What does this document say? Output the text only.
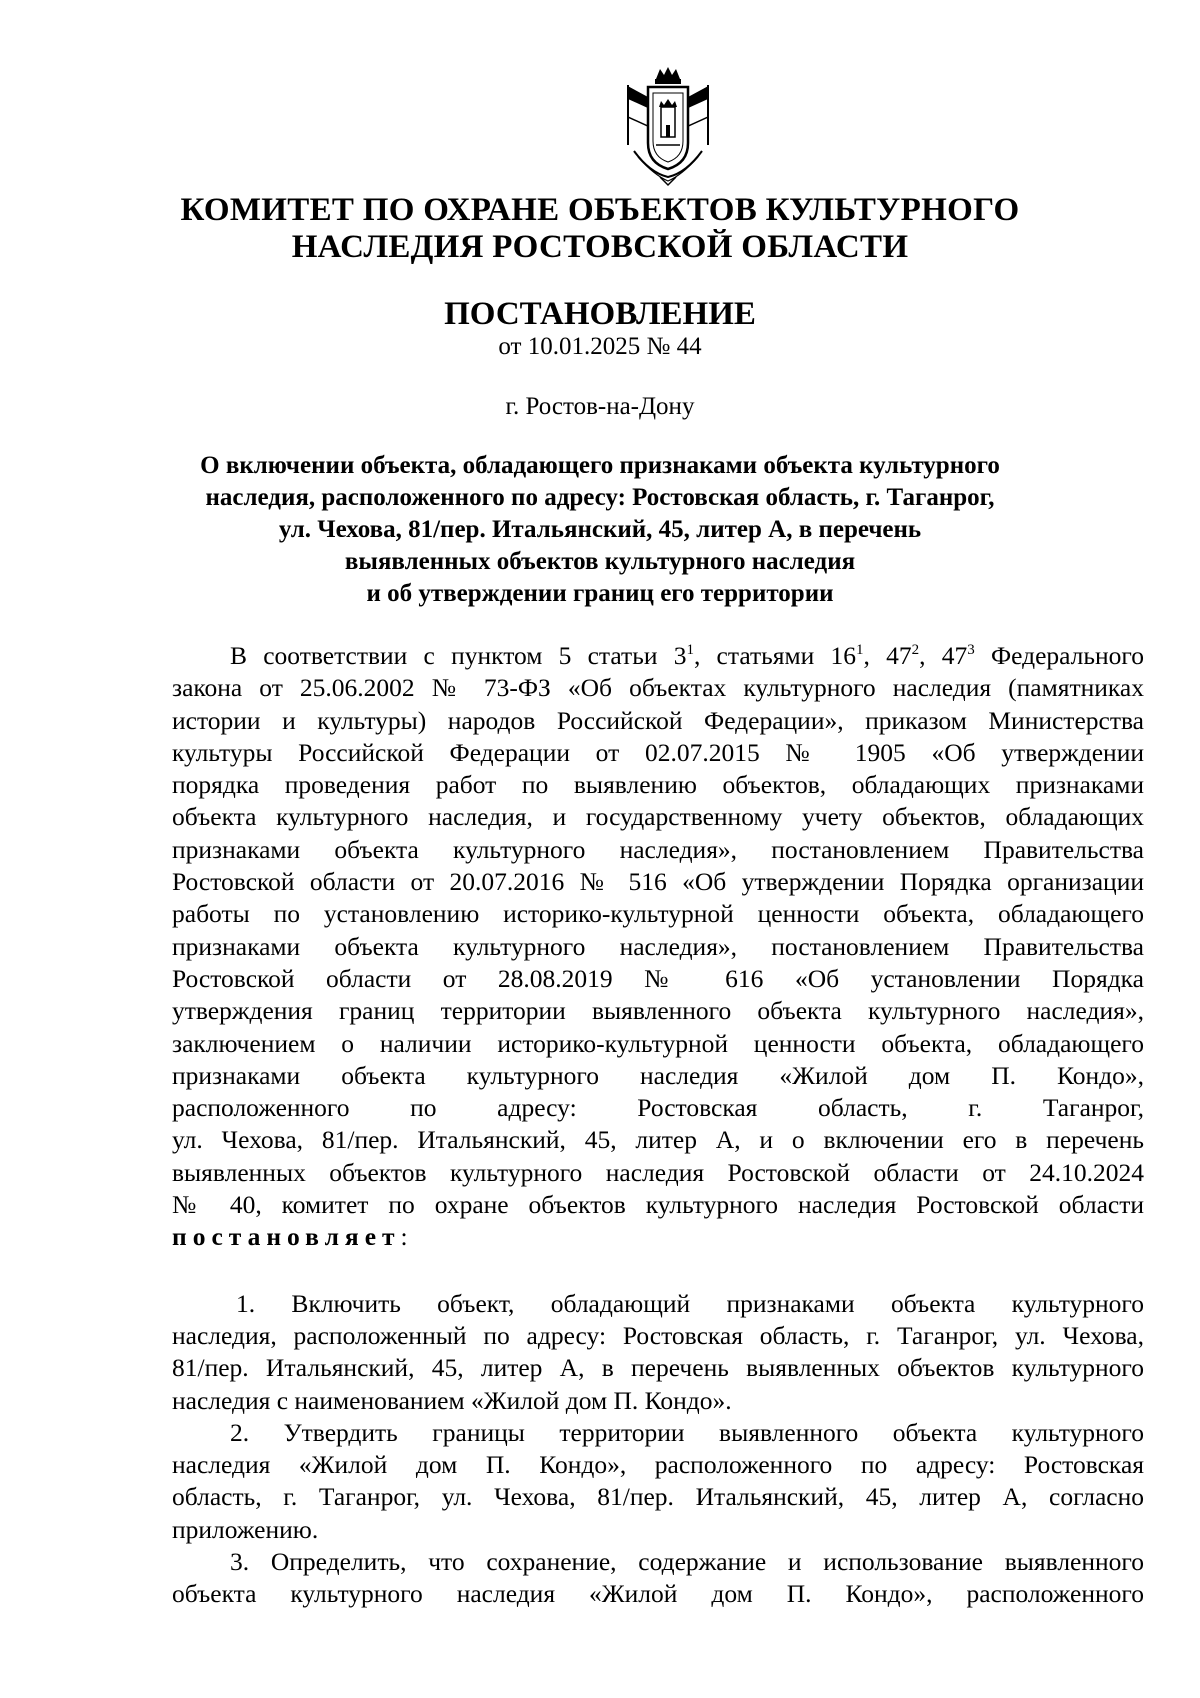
КОМИТЕТ ПО ОХРАНЕ ОБЪЕКТОВ КУЛЬТУРНОГО
НАСЛЕДИЯ РОСТОВСКОЙ ОБЛАСТИ
ПОСТАНОВЛЕНИЕ
от 10.01.2025 № 44
г. Ростов-на-Дону
О включении объекта, обладающего признаками объекта культурного
наследия, расположенного по адресу: Ростовская область, г. Таганрог,
ул. Чехова, 81/пер. Итальянский, 45, литер А, в перечень
выявленных объектов культурного наследия
и об утверждении границ его территории
В соответствии с пунктом 5 статьи $3^1$, статьями $16^1$, $47^2$, $47^3$ Федерального
закона от 25.06.2002 № 73-ФЗ «Об объектах культурного наследия (памятниках
истории и культуры) народов Российской Федерации», приказом Министерства
культуры Российской Федерации от 02.07.2015 № 1905 «Об утверждении
порядка проведения работ по выявлению объектов, обладающих признаками
объекта культурного наследия, и государственному учету объектов, обладающих
признаками объекта культурного наследия», постановлением Правительства
Ростовской области от 20.07.2016 № 516 «Об утверждении Порядка организации
работы по установлению историко-культурной ценности объекта, обладающего
признаками объекта культурного наследия», постановлением Правительства
Ростовской области от 28.08.2019 № 616 «Об установлении Порядка
утверждения границ территории выявленного объекта культурного наследия»,
заключением о наличии историко-культурной ценности объекта, обладающего
признаками объекта культурного наследия «Жилой дом П. Кондо»,
расположенного по адресу: Ростовская область, г. Таганрог,
ул. Чехова, 81/пер. Итальянский, 45, литер А, и о включении его в перечень
выявленных объектов культурного наследия Ростовской области от 24.10.2024
№ 40, комитет по охране объектов культурного наследия Ростовской области
постановляет:
1. Включить объект, обладающий признаками объекта культурного
наследия, расположенный по адресу: Ростовская область, г. Таганрог, ул. Чехова,
81/пер. Итальянский, 45, литер А, в перечень выявленных объектов культурного
наследия с наименованием «Жилой дом П. Кондо».
2. Утвердить границы территории выявленного объекта культурного
наследия «Жилой дом П. Кондо», расположенного по адресу: Ростовская
область, г. Таганрог, ул. Чехова, 81/пер. Итальянский, 45, литер А, согласно
приложению.
3. Определить, что сохранение, содержание и использование выявленного
объекта культурного наследия «Жилой дом П. Кондо», расположенного
